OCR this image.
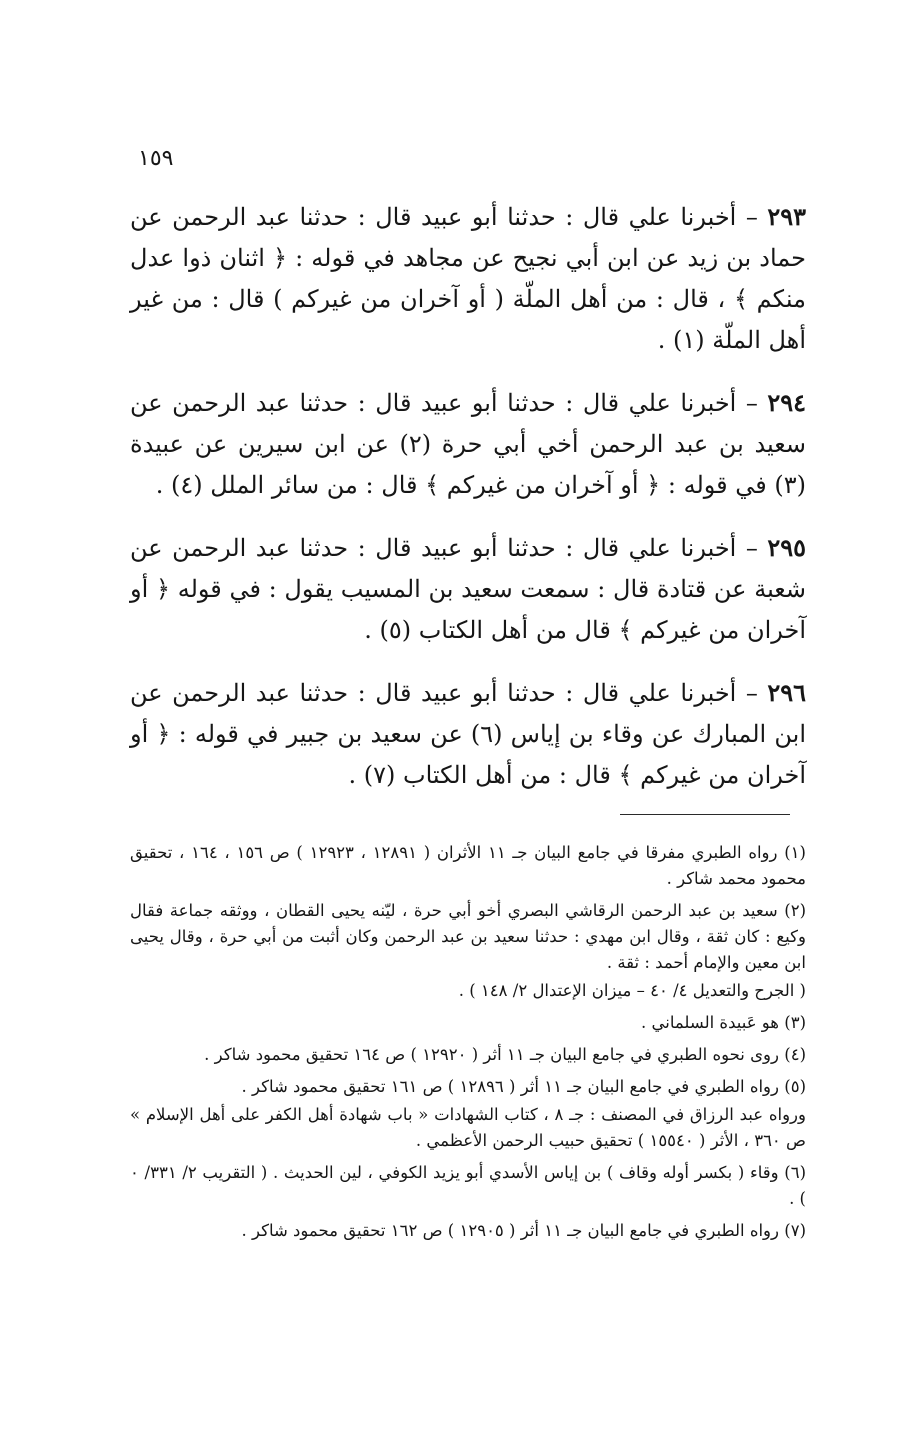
١٥٩

٢٩٣ – أخبرنا علي قال : حدثنا أبو عبيد قال : حدثنا عبد الرحمن عن حماد بن زيد عن ابن أبي نجيح عن مجاهد في قوله : ﴿ اثنان ذوا عدل منكم ﴾ ، قال : من أهل الملّة ( أو آخران من غيركم ) قال : من غير أهل الملّة (١) .

٢٩٤ – أخبرنا علي قال : حدثنا أبو عبيد قال : حدثنا عبد الرحمن عن سعيد بن عبد الرحمن أخي أبي حرة (٢) عن ابن سيرين عن عبيدة (٣) في قوله : ﴿ أو آخران من غيركم ﴾ قال : من سائر الملل (٤) .

٢٩٥ – أخبرنا علي قال : حدثنا أبو عبيد قال : حدثنا عبد الرحمن عن شعبة عن قتادة قال : سمعت سعيد بن المسيب يقول : في قوله ﴿ أو آخران من غيركم ﴾ قال من أهل الكتاب (٥) .

٢٩٦ – أخبرنا علي قال : حدثنا أبو عبيد قال : حدثنا عبد الرحمن عن ابن المبارك عن وقاء بن إياس (٦) عن سعيد بن جبير في قوله : ﴿ أو آخران من غيركم ﴾ قال : من أهل الكتاب (٧) .

(١) رواه الطبري مفرقا في جامع البيان جـ ١١ الأثران ( ١٢٨٩١ ، ١٢٩٢٣ ) ص ١٥٦ ، ١٦٤ ، تحقيق محمود محمد شاكر .

(٢) سعيد بن عبد الرحمن الرقاشي البصري أخو أبي حرة ، ليّنه يحيى القطان ، ووثقه جماعة فقال وكيع : كان ثقة ، وقال ابن مهدي : حدثنا سعيد بن عبد الرحمن وكان أثبت من أبي حرة ، وقال يحيى ابن معين والإمام أحمد : ثقة .

( الجرح والتعديل ٤/ ٤٠ – ميزان الإعتدال ٢/ ١٤٨ ) .

(٣) هو عَبيدة السلماني .

(٤) روى نحوه الطبري في جامع البيان جـ ١١ أثر ( ١٢٩٢٠ ) ص ١٦٤ تحقيق محمود شاكر .

(٥) رواه الطبري في جامع البيان جـ ١١ أثر ( ١٢٨٩٦ ) ص ١٦١ تحقيق محمود شاكر .

ورواه عبد الرزاق في المصنف : جـ ٨ ، كتاب الشهادات « باب شهادة أهل الكفر على أهل الإسلام » ص ٣٦٠ ، الأثر ( ١٥٥٤٠ ) تحقيق حبيب الرحمن الأعظمي .

(٦) وقاء ( بكسر أوله وقاف ) بن إياس الأسدي أبو يزيد الكوفي ، لين الحديث . ( التقريب ٢/ ٣٣١/ ٠ ) .

(٧) رواه الطبري في جامع البيان جـ ١١ أثر ( ١٢٩٠٥ ) ص ١٦٢ تحقيق محمود شاكر .
